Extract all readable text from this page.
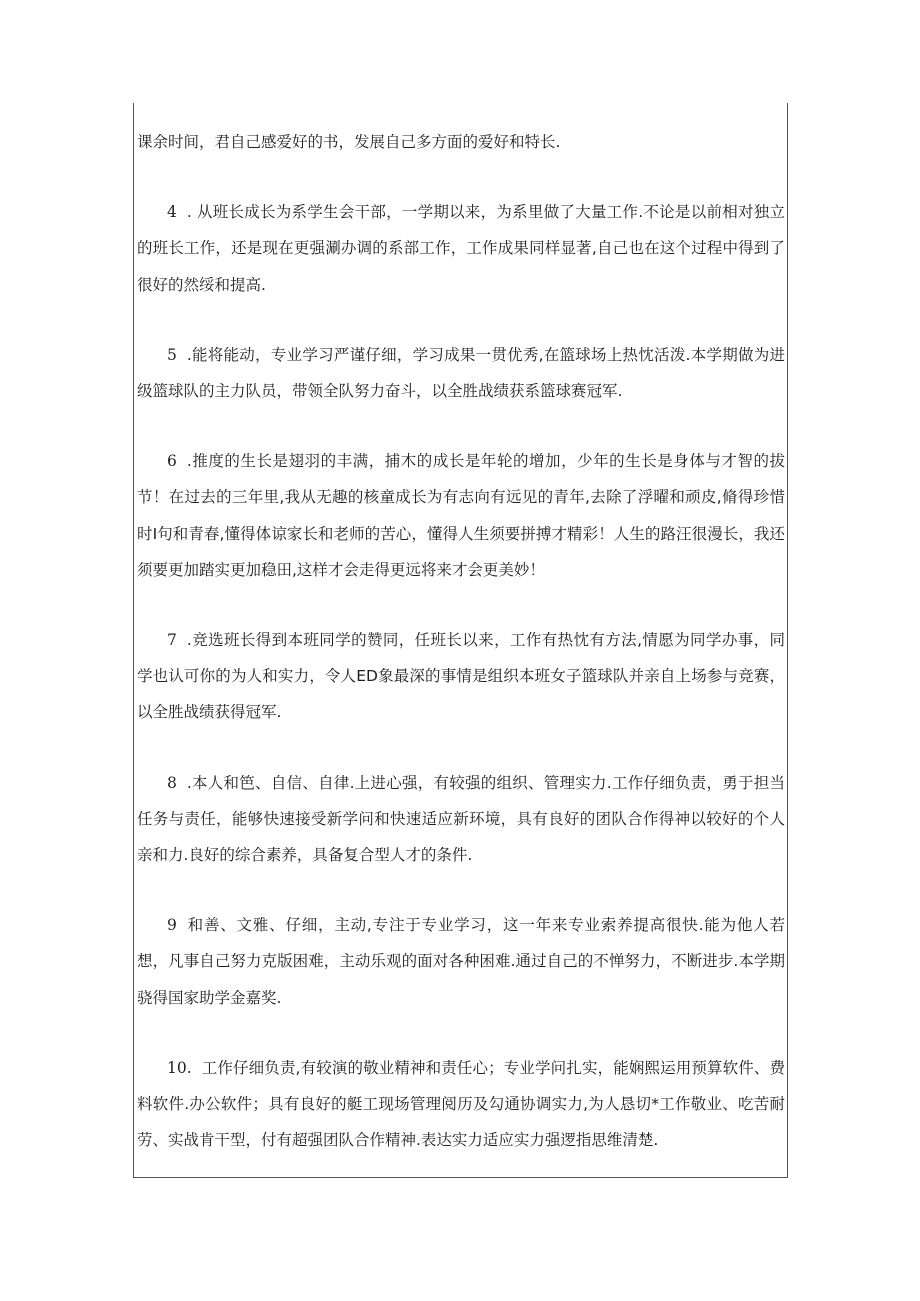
课余时间，君自己感爱好的书，发展自己多方面的爱好和特长.

4 . 从班长成长为系学生会干部，一学期以来，为系里做了大量工作.不论是以前相对独立的班长工作，还是现在更强涮办调的系部工作，工作成果同样显著,自己也在这个过程中得到了很好的然绥和提高.

5 .能将能动，专业学习严谨仔细，学习成果一贯优秀,在篮球场上热忱活泼.本学期做为进级篮球队的主力队员，带领全队努力奋斗，以全胜战绩获系篮球赛冠军.

6 .推度的生长是翅羽的丰满，捕木的成长是年轮的增加，少年的生长是身体与才智的拔节！在过去的三年里,我从无趣的核童成长为有志向有远见的青年,去除了浮曜和顽皮,脩得珍惜时I句和青春,懂得体谅家长和老师的苦心，懂得人生须要拼搏才精彩！人生的路汪很漫长，我还须要更加踏实更加稳田,这样才会走得更远将来才会更美妙！

7 .竞选班长得到本班同学的赞同，任班长以来，工作有热忱有方法,情愿为同学办事，同学也认可你的为人和实力，令人ED象最深的事情是组织本班女子篮球队并亲自上场参与竞赛，以全胜战绩获得冠军.

8 .本人和笆、自信、自律.上进心强，有较强的组织、管理实力.工作仔细负责，勇于担当任务与责任，能够快速接受新学问和快速适应新环境，具有良好的团队合作得神以较好的个人亲和力.良好的综合素养，具备复合型人才的条件.

9 和善、文雅、仔细，主动,专注于专业学习，这一年来专业索养提高很快.能为他人若想，凡事自己努力克版困难，主动乐观的面对各种困难.通过自己的不惮努力，不断进步.本学期骁得国家助学金嘉奖.

10. 工作仔细负责,有较演的敬业精神和责任心；专业学问扎实，能娴熙运用预算软件、费料软件.办公软件；具有良好的艇工现场管理阅历及勾通协调实力,为人恳切*工作敬业、吃苦耐劳、实战肯干型，付有超强团队合作精神.表达实力适应实力强逻指思维清楚.
